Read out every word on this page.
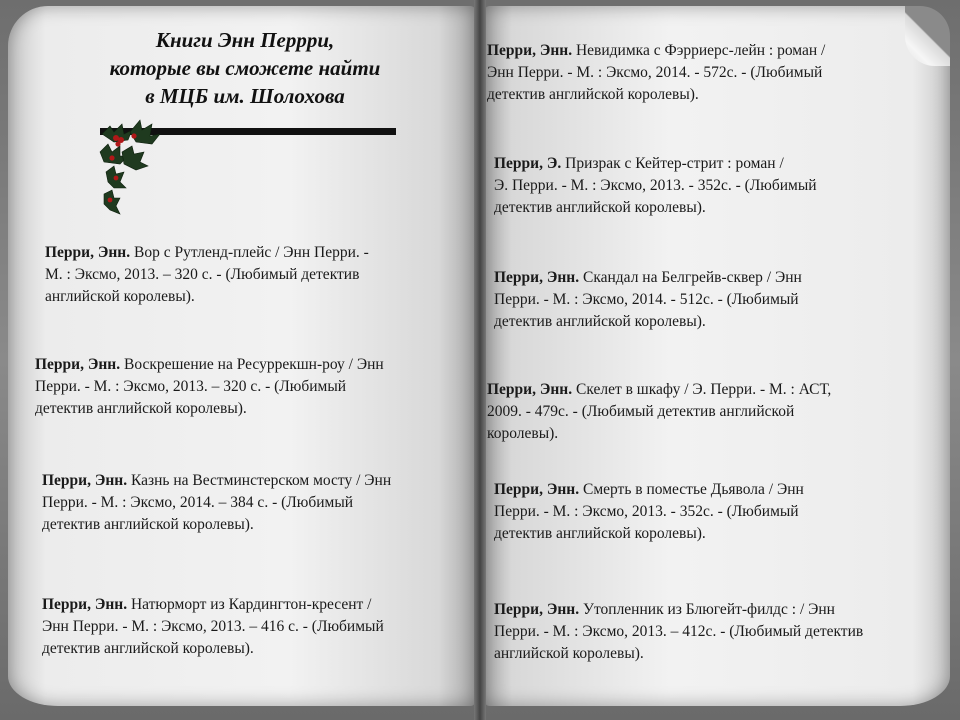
Книги Энн Перрри,
которые вы сможете найти
в МЦБ им. Шолохова
Перри, Энн. Вор с Рутленд-плейс / Энн Перри. -
М. : Эксмо, 2013. – 320 с. - (Любимый детектив
английской королевы).
Перри, Энн. Воскрешение на Ресуррекшн-роу / Энн
Перри. - М. : Эксмо, 2013. – 320 с. - (Любимый
детектив английской королевы).
Перри, Энн. Казнь на Вестминстерском мосту / Энн
Перри. - М. : Эксмо, 2014. – 384 с. - (Любимый
детектив английской королевы).
Перри, Энн. Натюрморт из Кардингтон-кресент /
Энн Перри. - М. : Эксмо, 2013. – 416 с. - (Любимый
детектив английской королевы).
Перри, Энн. Невидимка с Фэрриерс-лейн : роман /
Энн Перри. - М. : Эксмо, 2014. - 572с. - (Любимый
детектив английской королевы).
Перри, Э. Призрак с Кейтер-стрит : роман /
Э. Перри. - М. : Эксмо, 2013. - 352с. - (Любимый
детектив английской королевы).
Перри, Энн. Скандал на Белгрейв-сквер / Энн
Перри. - М. : Эксмо, 2014. - 512с. - (Любимый
детектив английской королевы).
Перри, Энн. Скелет в шкафу / Э. Перри. - М. : АСТ,
2009. - 479с. - (Любимый детектив английской
королевы).
Перри, Энн. Смерть в поместье Дьявола / Энн
Перри. - М. : Эксмо, 2013. - 352с. - (Любимый
детектив английской королевы).
Перри, Энн. Утопленник из Блюгейт-филдс : / Энн
Перри. - М. : Эксмо, 2013. – 412с. - (Любимый детектив
английской королевы).
